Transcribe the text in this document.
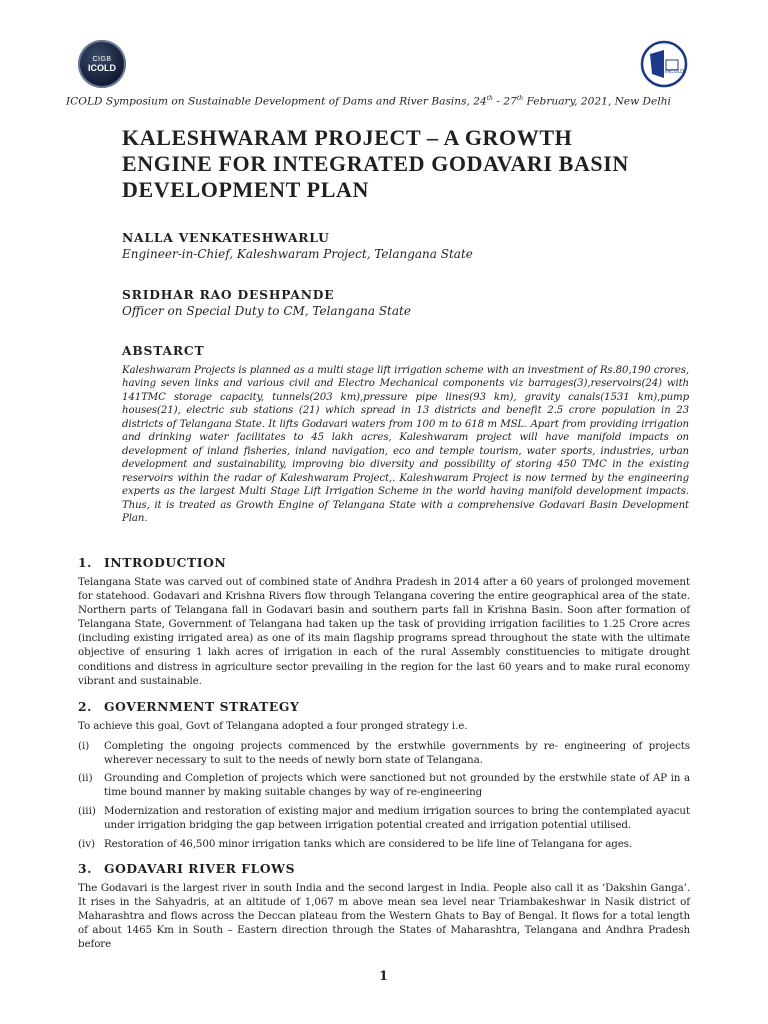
CIGB
ICOLD	INCOLD
ICOLD Symposium on Sustainable Development of Dams and River Basins, 24th - 27th February, 2021, New Delhi
KALESHWARAM PROJECT – A GROWTH ENGINE FOR INTEGRATED GODAVARI BASIN DEVELOPMENT PLAN
NALLA VENKATESHWARLU
Engineer-in-Chief, Kaleshwaram Project, Telangana State
SRIDHAR RAO DESHPANDE
Officer on Special Duty to CM, Telangana State
ABSTARCT

Kaleshwaram Projects is planned as a multi stage lift irrigation scheme with an investment of Rs.80,190 crores, having seven links and various civil and Electro Mechanical components viz barrages(3),reservoirs(24) with 141TMC storage capacity, tunnels(203 km),pressure pipe lines(93 km), gravity canals(1531 km),pump houses(21), electric sub stations (21) which spread in 13 districts and benefit 2.5 crore population in 23 districts of Telangana State. It lifts Godavari waters from 100 m to 618 m MSL. Apart from providing irrigation and drinking water facilitates to 45 lakh acres, Kaleshwaram project will have manifold impacts on development of inland fisheries, inland navigation, eco and temple tourism, water sports, industries, urban development and sustainability, improving bio diversity and possibility of storing 450 TMC in the existing reservoirs within the radar of Kaleshwaram Project,. Kaleshwaram Project is now termed by the engineering experts as the largest Multi Stage Lift Irrigation Scheme in the world having manifold development impacts. Thus, it is treated as Growth Engine of Telangana State with a comprehensive Godavari Basin Development Plan.

1. INTRODUCTION

Telangana State was carved out of combined state of Andhra Pradesh in 2014 after a 60 years of prolonged movement for statehood. Godavari and Krishna Rivers flow through Telangana covering the entire geographical area of the state. Northern parts of Telangana fall in Godavari basin and southern parts fall in Krishna Basin. Soon after formation of Telangana State, Government of Telangana had taken up the task of providing irrigation facilities to 1.25 Crore acres (including existing irrigated area) as one of its main flagship programs spread throughout the state with the ultimate objective of ensuring 1 lakh acres of irrigation in each of the rural Assembly constituencies to mitigate drought conditions and distress in agriculture sector prevailing in the region for the last 60 years and to make rural economy vibrant and sustainable.

2. GOVERNMENT STRATEGY

To achieve this goal, Govt of Telangana adopted a four pronged strategy i.e.

(i)	Completing the ongoing projects commenced by the erstwhile governments by re- engineering of projects wherever necessary to suit to the needs of newly born state of Telangana.
(ii)	Grounding and Completion of projects which were sanctioned but not grounded by the erstwhile state of AP in a time bound manner by making suitable changes by way of re-engineering
(iii) Modernization and restoration of existing major and medium irrigation sources to bring the contemplated ayacut under irrigation bridging the gap between irrigation potential created and irrigation potential utilised.
(iv) Restoration of 46,500 minor irrigation tanks which are considered to be life line of Telangana for ages.
3. GODAVARI RIVER FLOWS

The Godavari is the largest river in south India and the second largest in India. People also call it as ‘Dakshin Ganga’. It rises in the Sahyadris, at an altitude of 1,067 m above mean sea level near Triambakeshwar in Nasik district of Maharashtra and flows across the Deccan plateau from the Western Ghats to Bay of Bengal. It flows for a total length of about 1465 Km in South – Eastern direction through the States of Maharashtra, Telangana and Andhra Pradesh before

1
